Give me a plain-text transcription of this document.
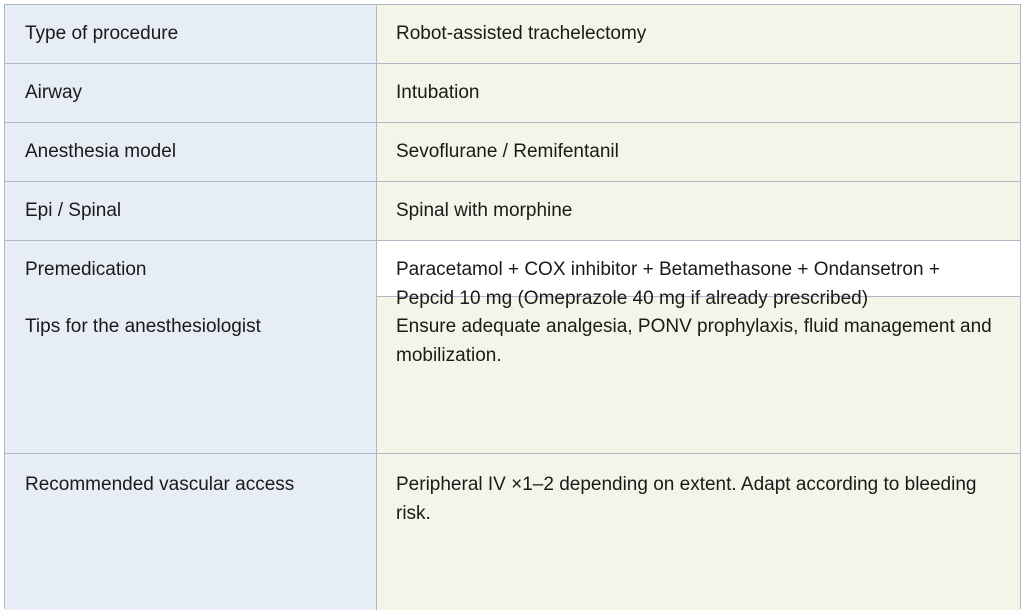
Type of procedure	Robot-assisted trachelectomy
Airway	Intubation
Anesthesia model	Sevoflurane / Remifentanil
Epi / Spinal	Spinal with morphine
Premedication	Paracetamol + COX inhibitor + Betamethasone + Ondansetron + Pepcid 10 mg (Omeprazole 40 mg if already prescribed)
Tips for the anesthesiologist	Ensure adequate analgesia, PONV prophylaxis, fluid management and mobilization.
Recommended vascular access	Peripheral IV ×1–2 depending on extent. Adapt according to bleeding risk.
